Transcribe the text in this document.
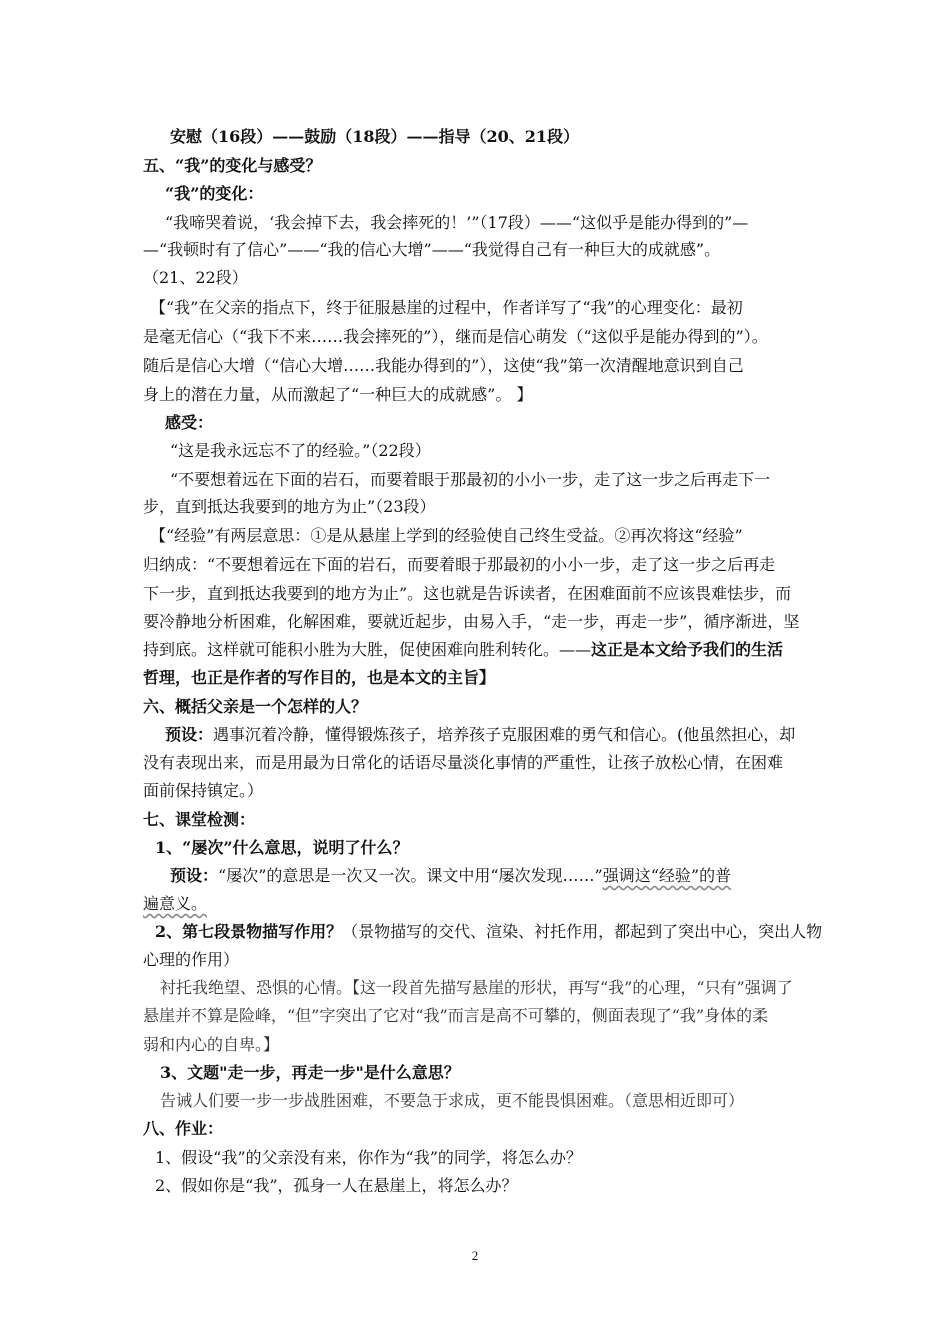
安慰（16段）——鼓励（18段）——指导（20、21段）
五、“我”的变化与感受？
“我”的变化：
“我啼哭着说，‘我会掉下去，我会摔死的！’”（17段）——“这似乎是能办得到的”—
—“我顿时有了信心”——“我的信心大增”——“我觉得自己有一种巨大的成就感”。
（21、22段）
【“我”在父亲的指点下，终于征服悬崖的过程中，作者详写了“我”的心理变化：最初
是毫无信心（“我下不来……我会摔死的”），继而是信心萌发（“这似乎是能办得到的”）。
随后是信心大增（“信心大增……我能办得到的”），这使“我”第一次清醒地意识到自己
身上的潜在力量，从而激起了“一种巨大的成就感”。 】
感受：
“这是我永远忘不了的经验。”（22段）
“不要想着远在下面的岩石，而要着眼于那最初的小小一步，走了这一步之后再走下一
步，直到抵达我要到的地方为止”（23段）
【“经验”有两层意思：①是从悬崖上学到的经验使自己终生受益。②再次将这“经验”
归纳成：“不要想着远在下面的岩石，而要着眼于那最初的小小一步，走了这一步之后再走
下一步，直到抵达我要到的地方为止”。这也就是告诉读者，在困难面前不应该畏难怯步，而
要冷静地分析困难，化解困难，要就近起步，由易入手，“走一步，再走一步”，循序渐进，坚
持到底。这样就可能积小胜为大胜，促使困难向胜利转化。——这正是本文给予我们的生活
哲理，也正是作者的写作目的，也是本文的主旨】
六、概括父亲是一个怎样的人？
预设：遇事沉着冷静，懂得锻炼孩子，培养孩子克服困难的勇气和信心。(他虽然担心，却
没有表现出来，而是用最为日常化的话语尽量淡化事情的严重性，让孩子放松心情，在困难
面前保持镇定。）
七、课堂检测：
1、“屡次”什么意思，说明了什么？
预设：“屡次”的意思是一次又一次。课文中用“屡次发现……”强调这“经验”的普
遍意义。
2、第七段景物描写作用？（景物描写的交代、渲染、衬托作用，都起到了突出中心，突出人物
心理的作用）
衬托我绝望、恐惧的心情。【这一段首先描写悬崖的形状，再写“我”的心理，“只有”强调了
悬崖并不算是险峰，“但”字突出了它对“我”而言是高不可攀的，侧面表现了“我”身体的柔
弱和内心的自卑。】
3、文题"走一步，再走一步"是什么意思？
告诫人们要一步一步战胜困难，不要急于求成，更不能畏惧困难。（意思相近即可）
八、作业：
1、假设“我”的父亲没有来，你作为“我”的同学，将怎么办？
2、假如你是“我”，孤身一人在悬崖上，将怎么办？
2
